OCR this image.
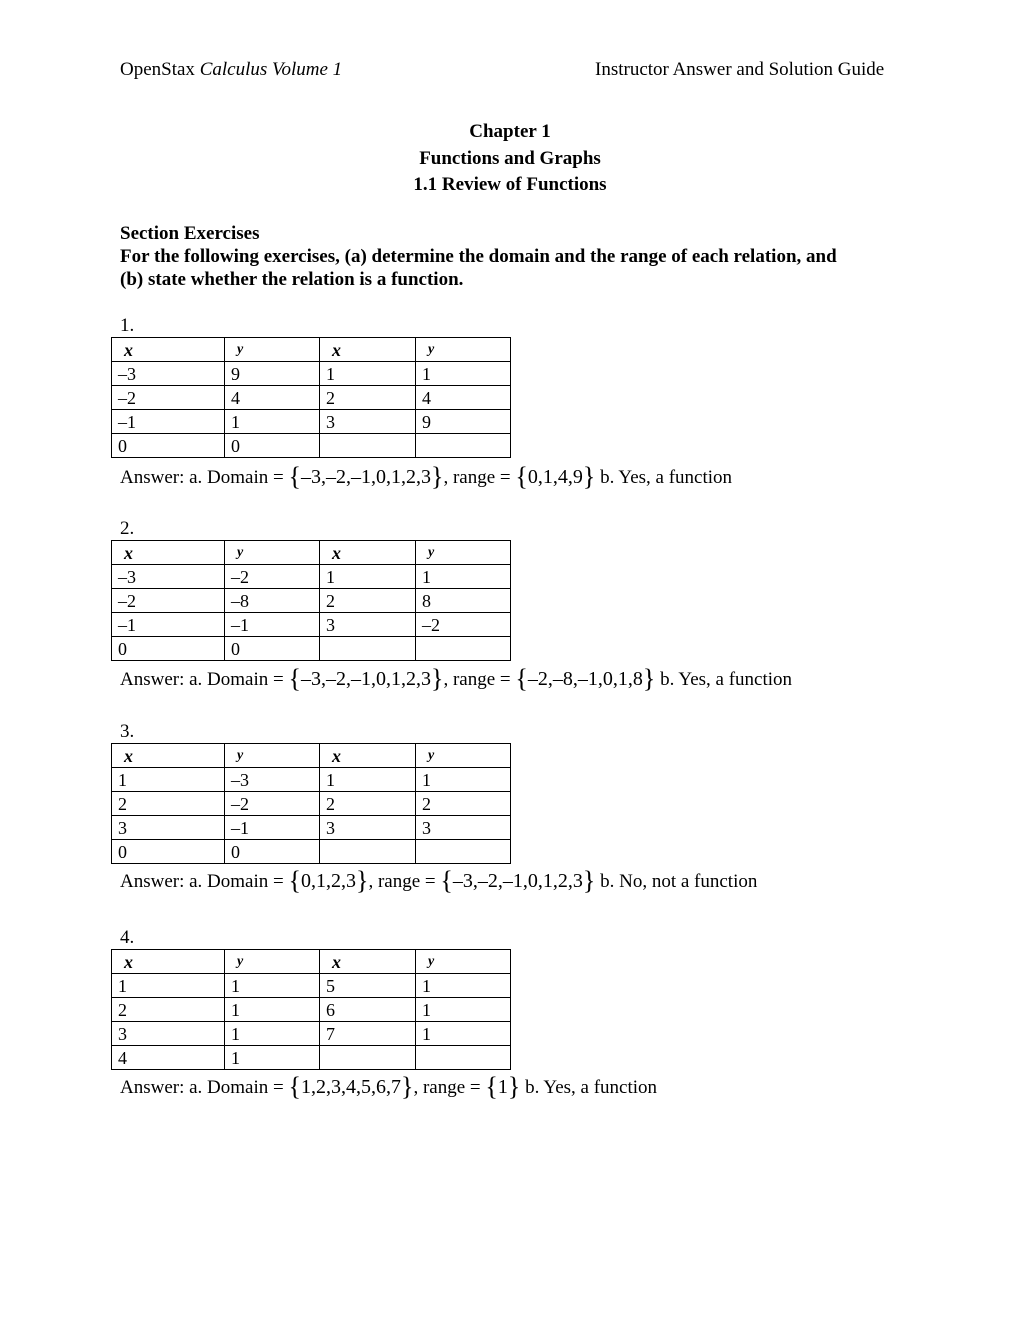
OpenStax Calculus Volume 1	Instructor Answer and Solution Guide
Chapter 1
Functions and Graphs
1.1 Review of Functions
Section Exercises
For the following exercises, (a) determine the domain and the range of each relation, and
(b) state whether the relation is a function.
1.
x	y	x	y
–3	9	1	1
–2	4	2	4
–1	1	3	9
0	0		
Answer: a. Domain = {–3,–2,–1,0,1,2,3}, range = {0,1,4,9} b. Yes, a function
2.
x	y	x	y
–3	–2	1	1
–2	–8	2	8
–1	–1	3	–2
0	0		
Answer: a. Domain = {–3,–2,–1,0,1,2,3}, range = {–2,–8,–1,0,1,8} b. Yes, a function
3.
x	y	x	y
1	–3	1	1
2	–2	2	2
3	–1	3	3
0	0		
Answer: a. Domain = {0,1,2,3}, range = {–3,–2,–1,0,1,2,3} b. No, not a function
4.
x	y	x	y
1	1	5	1
2	1	6	1
3	1	7	1
4	1		
Answer: a. Domain = {1,2,3,4,5,6,7}, range = {1} b. Yes, a function
